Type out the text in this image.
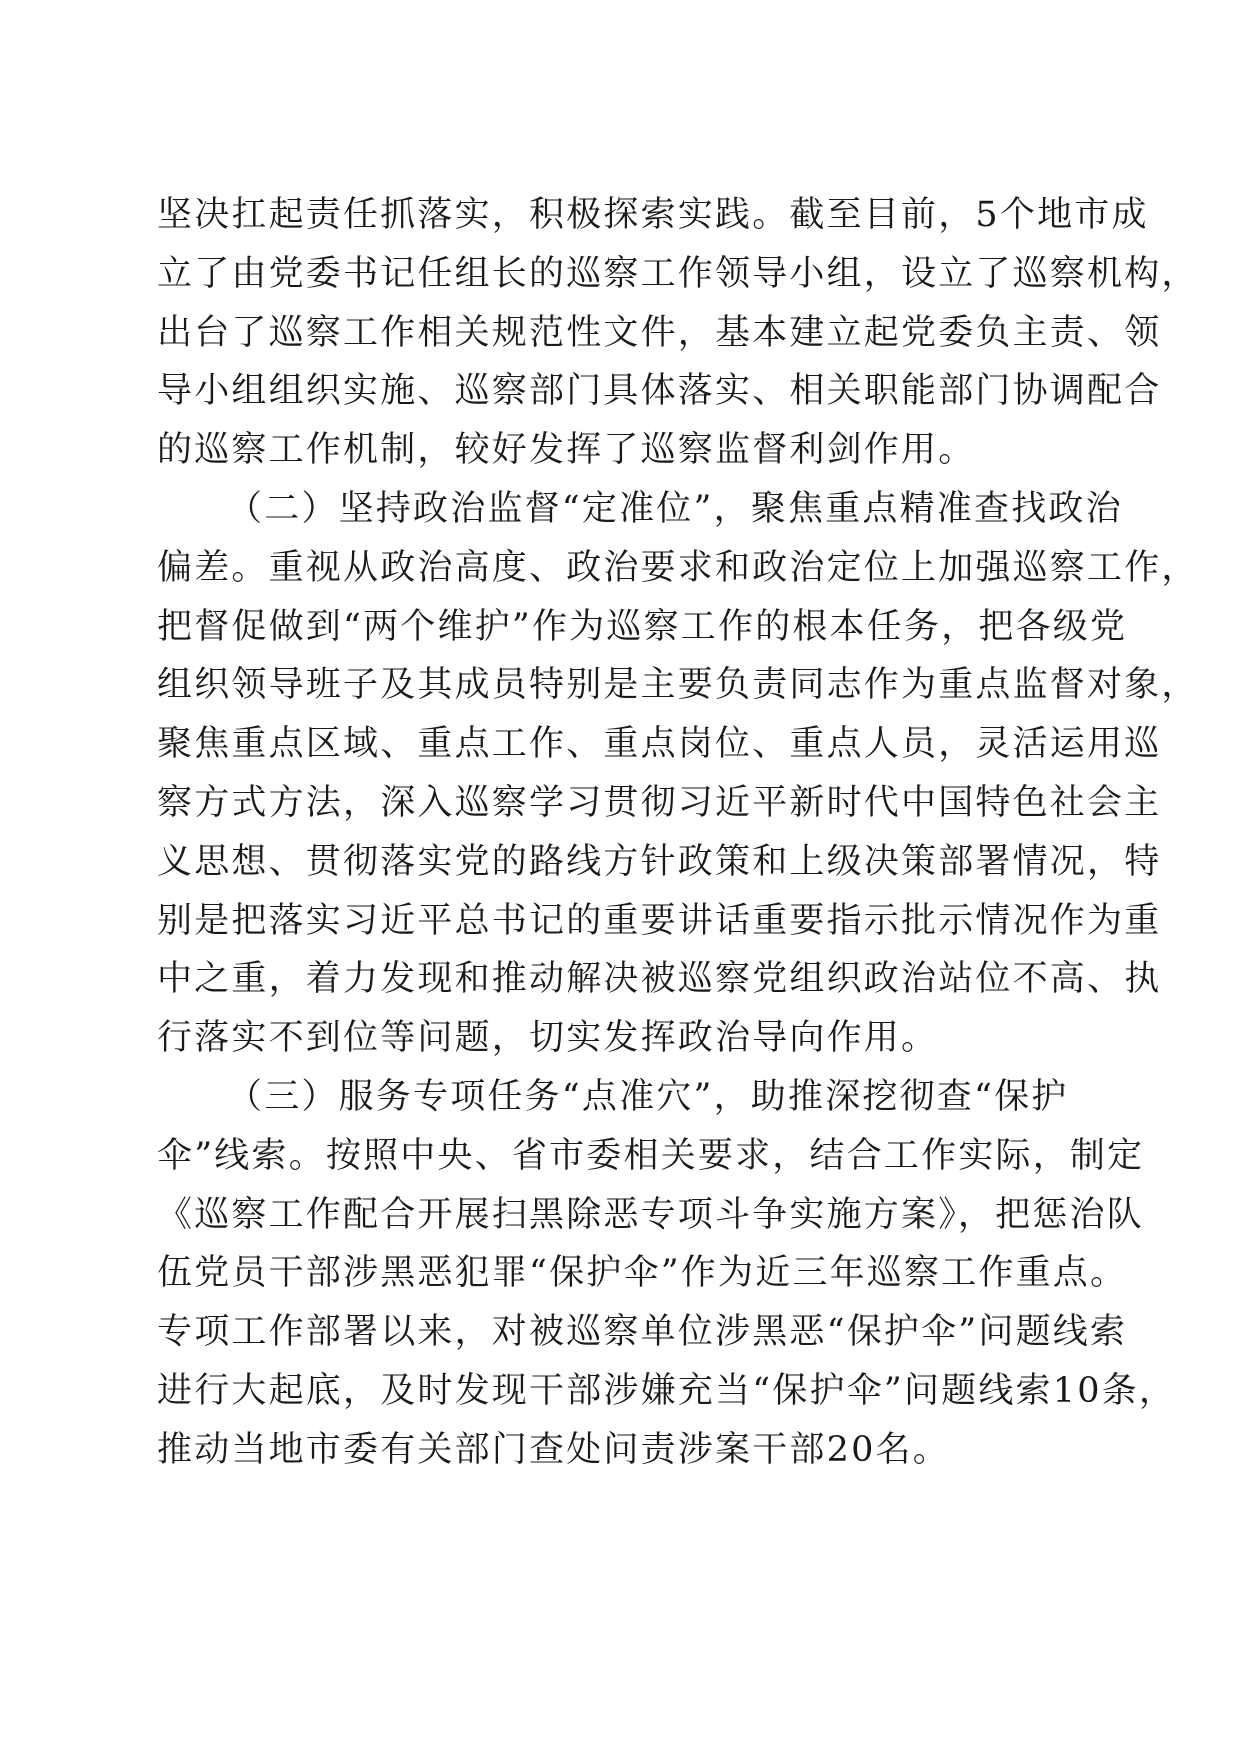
坚决扛起责任抓落实，积极探索实践。截至目前，5个地市成
立了由党委书记任组长的巡察工作领导小组，设立了巡察机构，
出台了巡察工作相关规范性文件，基本建立起党委负主责、领
导小组组织实施、巡察部门具体落实、相关职能部门协调配合
的巡察工作机制，较好发挥了巡察监督利剑作用。
（二）坚持政治监督“定准位”，聚焦重点精准查找政治
偏差。重视从政治高度、政治要求和政治定位上加强巡察工作，
把督促做到“两个维护”作为巡察工作的根本任务，把各级党
组织领导班子及其成员特别是主要负责同志作为重点监督对象，
聚焦重点区域、重点工作、重点岗位、重点人员，灵活运用巡
察方式方法，深入巡察学习贯彻习近平新时代中国特色社会主
义思想、贯彻落实党的路线方针政策和上级决策部署情况，特
别是把落实习近平总书记的重要讲话重要指示批示情况作为重
中之重，着力发现和推动解决被巡察党组织政治站位不高、执
行落实不到位等问题，切实发挥政治导向作用。
（三）服务专项任务“点准穴”，助推深挖彻查“保护
伞”线索。按照中央、省市委相关要求，结合工作实际，制定
《巡察工作配合开展扫黑除恶专项斗争实施方案》，把惩治队
伍党员干部涉黑恶犯罪“保护伞”作为近三年巡察工作重点。
专项工作部署以来，对被巡察单位涉黑恶“保护伞”问题线索
进行大起底，及时发现干部涉嫌充当“保护伞”问题线索10条，
推动当地市委有关部门查处问责涉案干部20名。
